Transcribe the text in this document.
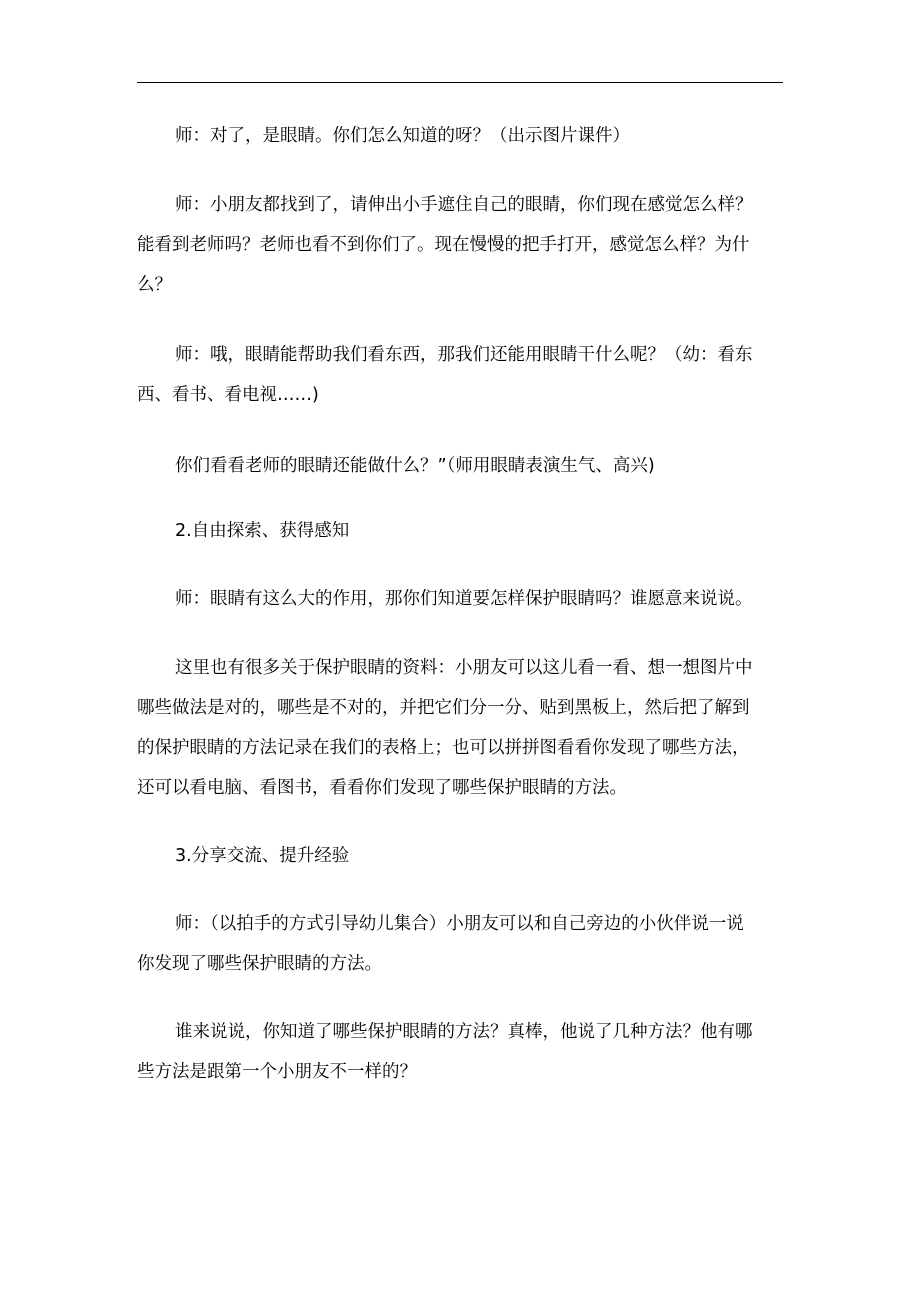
师：对了，是眼睛。你们怎么知道的呀？（出示图片课件）

师：小朋友都找到了，请伸出小手遮住自己的眼睛，你们现在感觉怎么样？
能看到老师吗？老师也看不到你们了。现在慢慢的把手打开，感觉怎么样？为什
么？

师：哦，眼睛能帮助我们看东西，那我们还能用眼睛干什么呢？（幼：看东
西、看书、看电视……)

你们看看老师的眼睛还能做什么？”（师用眼睛表演生气、高兴)

2.自由探索、获得感知

师：眼睛有这么大的作用，那你们知道要怎样保护眼睛吗？谁愿意来说说。

这里也有很多关于保护眼睛的资料：小朋友可以这儿看一看、想一想图片中
哪些做法是对的，哪些是不对的，并把它们分一分、贴到黑板上，然后把了解到
的保护眼睛的方法记录在我们的表格上；也可以拼拼图看看你发现了哪些方法，
还可以看电脑、看图书，看看你们发现了哪些保护眼睛的方法。

3.分享交流、提升经验

师：（以拍手的方式引导幼儿集合）小朋友可以和自己旁边的小伙伴说一说
你发现了哪些保护眼睛的方法。

谁来说说，你知道了哪些保护眼睛的方法？真棒，他说了几种方法？他有哪
些方法是跟第一个小朋友不一样的？
